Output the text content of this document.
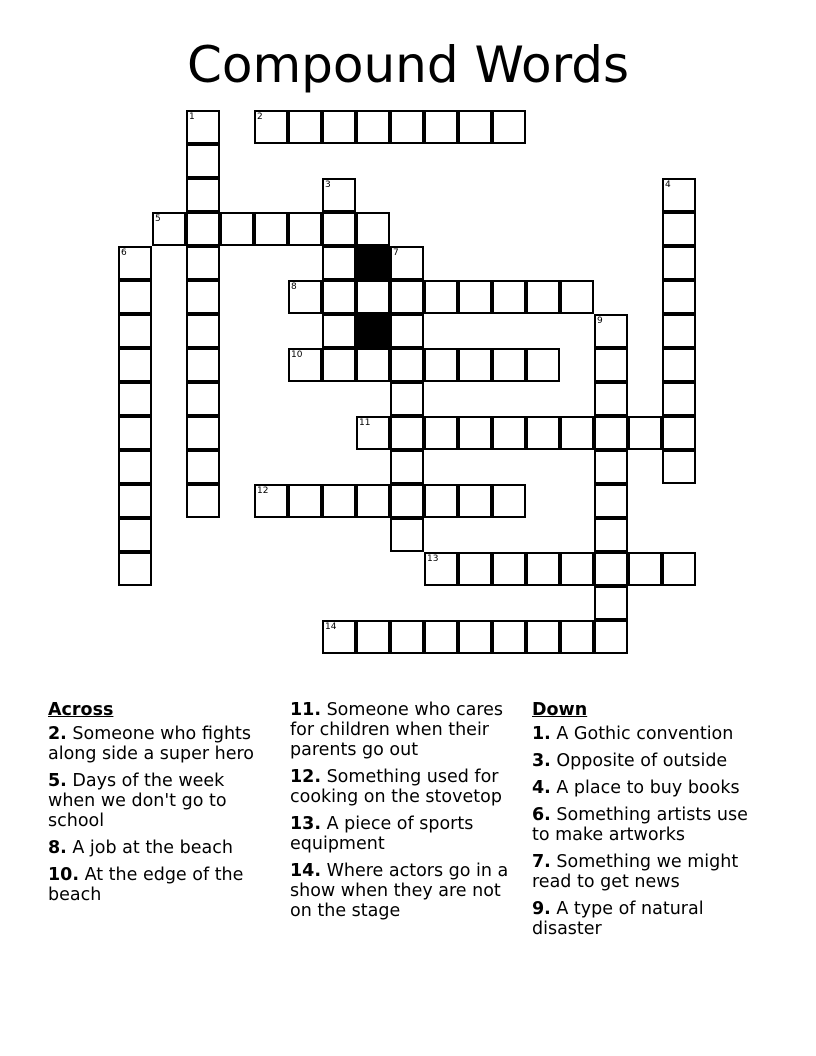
Compound Words
1	2
3	4
5
6	7
8
9
10
11
12
13
14
Across
2. Someone who fights along side a super hero
5. Days of the week when we don't go to school
8. A job at the beach
10. At the edge of the beach
11. Someone who cares for children when their parents go out
12. Something used for cooking on the stovetop
13. A piece of sports equipment
14. Where actors go in a show when they are not on the stage
Down
1. A Gothic convention
3. Opposite of outside
4. A place to buy books
6. Something artists use to make artworks
7. Something we might read to get news
9. A type of natural disaster
